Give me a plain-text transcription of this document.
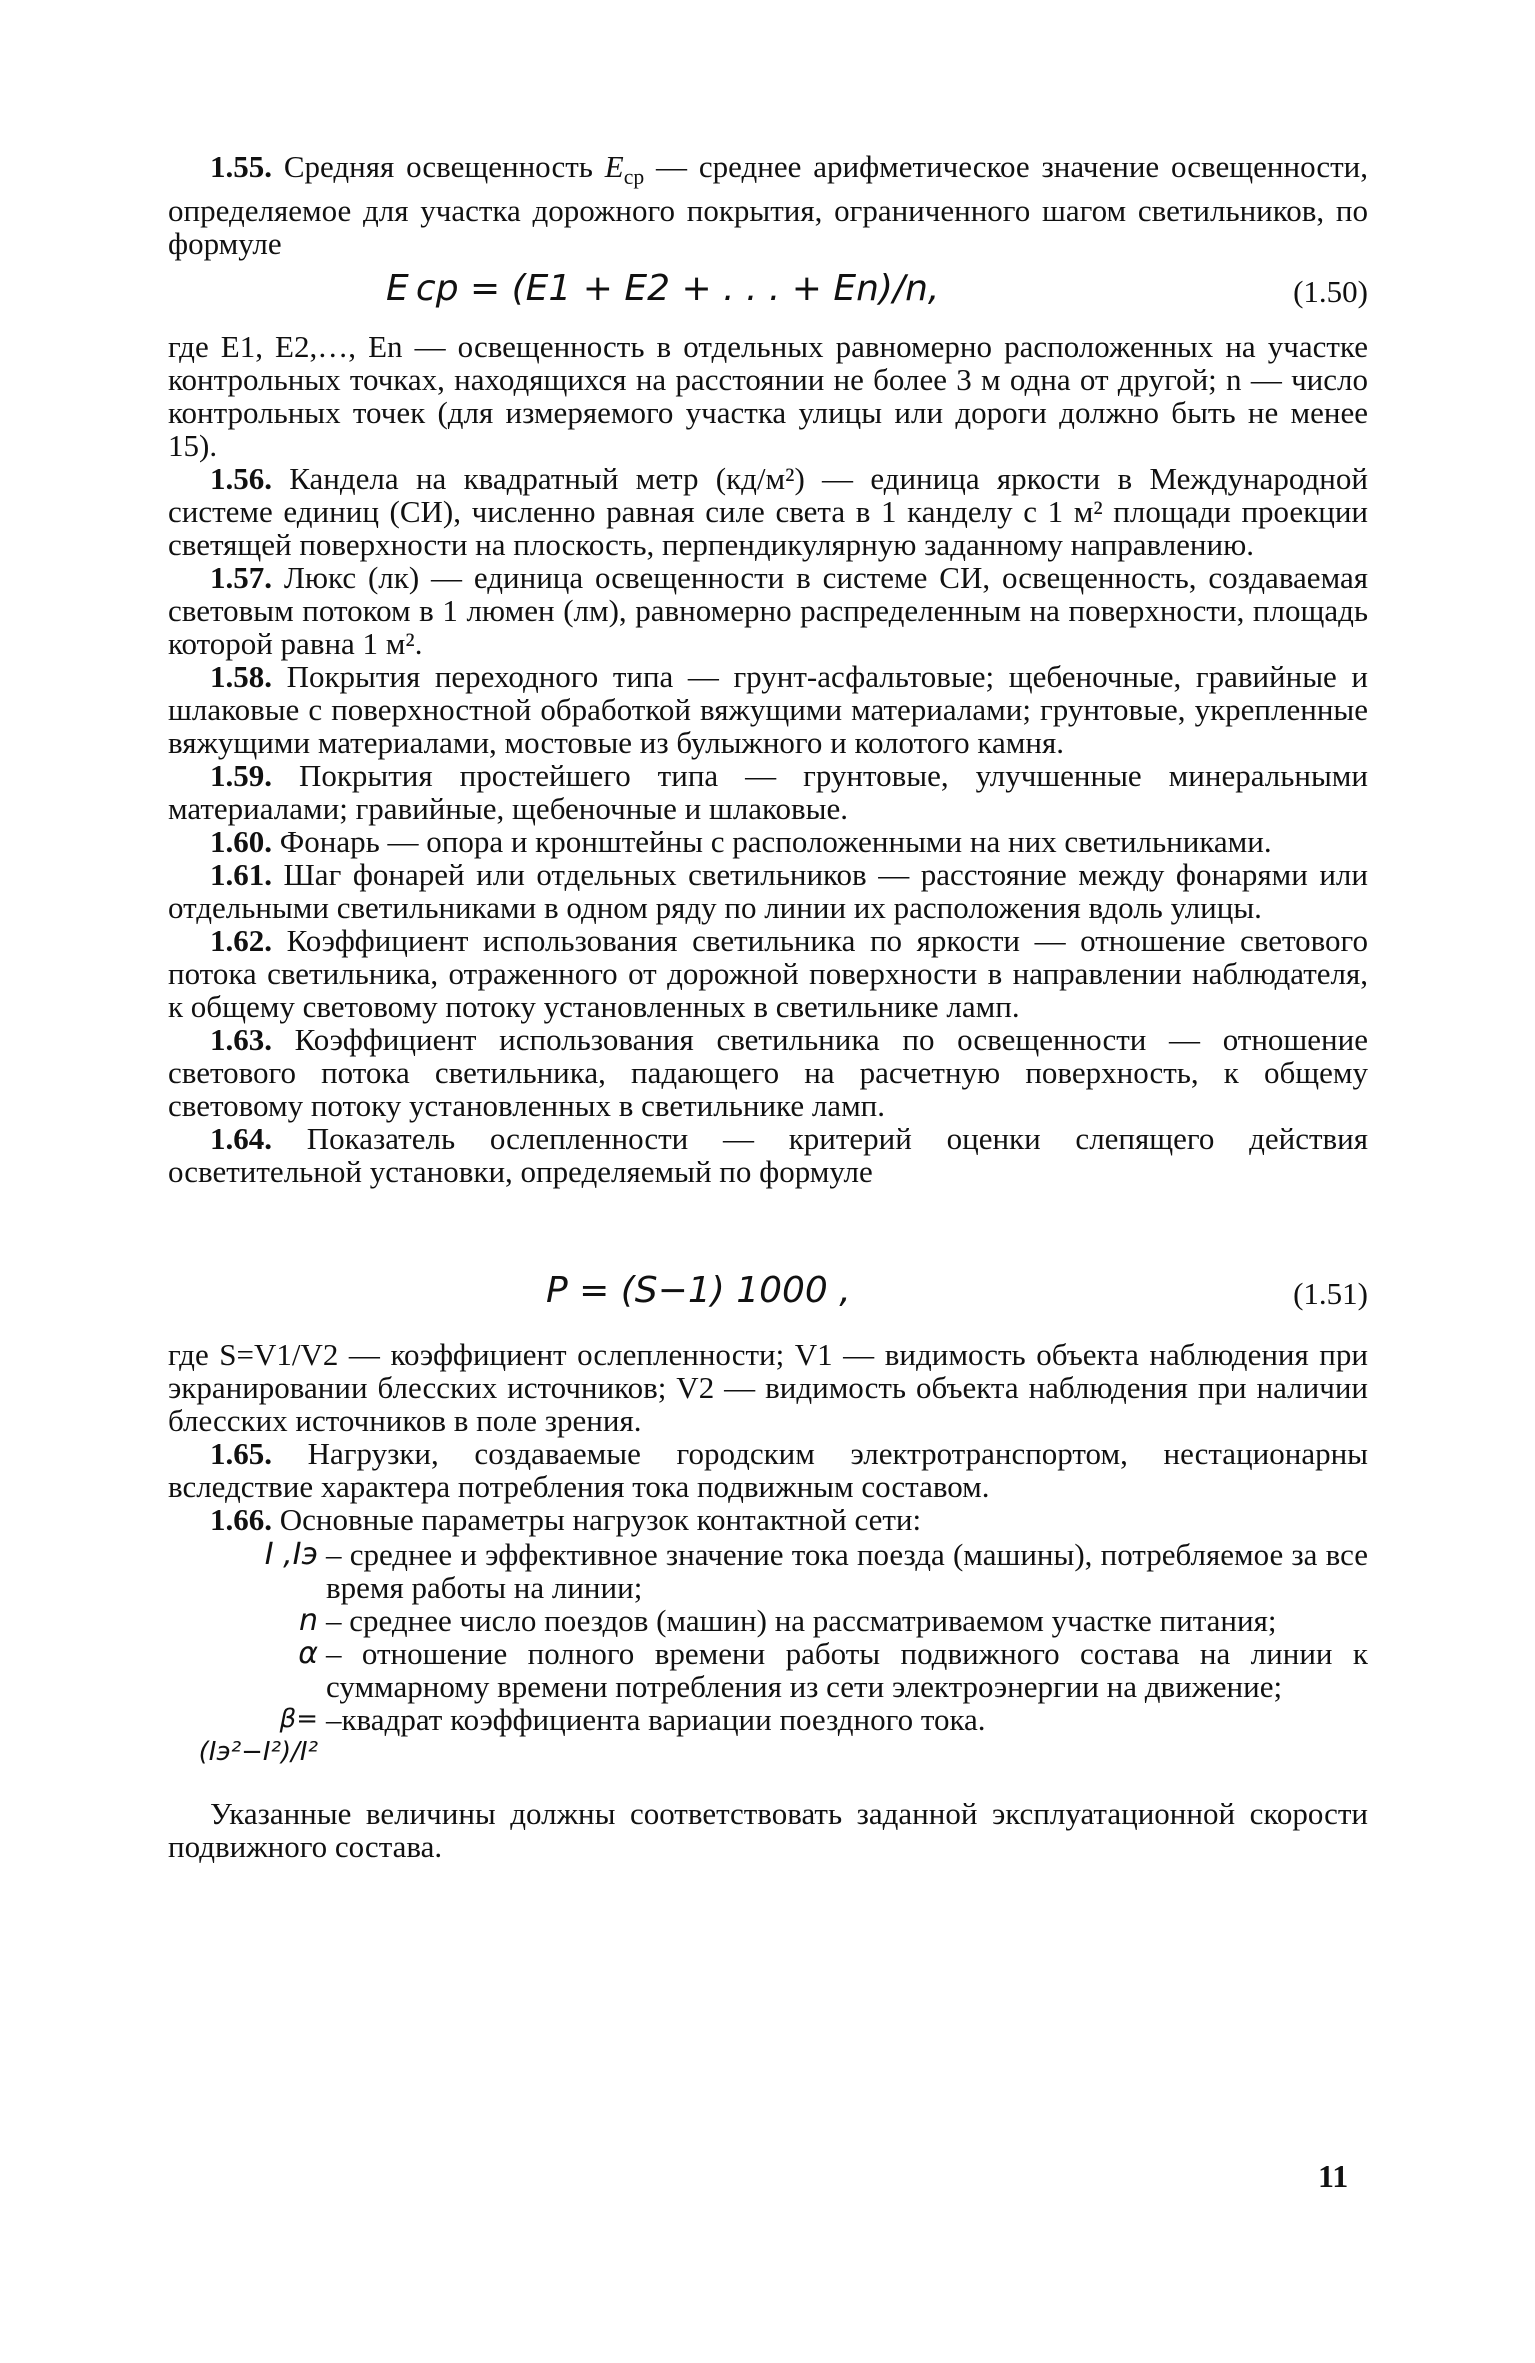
1.55. Средняя освещенность $E_{ср}$ — среднее арифметическое значение освещенности, определяемое для участка дорожного покрытия, ограниченного шагом светильников, по формуле

E ср = (E1 + E2 + . . . + En)/n,	(1.50)

где E1, E2,…, En — освещенность в отдельных равномерно расположенных на участке контрольных точках, находящихся на расстоянии не более 3 м одна от другой; n — число контрольных точек (для измеряемого участка улицы или дороги должно быть не менее 15).

1.56. Кандела на квадратный метр (кд/м²) — единица яркости в Международной системе единиц (СИ), численно равная силе света в 1 канделу с 1 м² площади проекции светящей поверхности на плоскость, перпендикулярную заданному направлению.

1.57. Люкс (лк) — единица освещенности в системе СИ, освещенность, создаваемая световым потоком в 1 люмен (лм), равномерно распределенным на поверхности, площадь которой равна 1 м².

1.58. Покрытия переходного типа — грунт-асфальтовые; щебеночные, гравийные и шлаковые с поверхностной обработкой вяжущими материалами; грунтовые, укрепленные вяжущими материалами, мостовые из булыжного и колотого камня.

1.59. Покрытия простейшего типа — грунтовые, улучшенные минеральными материалами; гравийные, щебеночные и шлаковые.

1.60. Фонарь — опора и кронштейны с расположенными на них светильниками.

1.61. Шаг фонарей или отдельных светильников — расстояние между фонарями или отдельными светильниками в одном ряду по линии их расположения вдоль улицы.

1.62. Коэффициент использования светильника по яркости — отношение светового потока светильника, отраженного от дорожной поверхности в направлении наблюдателя, к общему световому потоку установленных в светильнике ламп.

1.63. Коэффициент использования светильника по освещенности — отношение светового потока светильника, падающего на расчетную поверхность, к общему световому потоку установленных в светильнике ламп.

1.64. Показатель ослепленности — критерий оценки слепящего действия осветительной установки, определяемый по формуле

P = (S−1) 1000 ,	(1.51)

где S=V1/V2 — коэффициент ослепленности; V1 — видимость объекта наблюдения при экранировании блесских источников; V2 — видимость объекта наблюдения при наличии блесских источников в поле зрения.

1.65. Нагрузки, создаваемые городским электротранспортом, нестационарны вследствие характера потребления тока подвижным составом.

1.66. Основные параметры нагрузок контактной сети:

I ,Iэ – среднее и эффективное значение тока поезда (машины), потребляемое за все время работы на линии;
n – среднее число поездов (машин) на рассматриваемом участке питания;
α – отношение полного времени работы подвижного состава на линии к суммарному времени потребления из сети электроэнергии на движение;
β=(Iэ²−I²)/I²
–квадрат коэффициента вариации поездного тока.

Указанные величины должны соответствовать заданной эксплуатационной скорости подвижного состава.

11
